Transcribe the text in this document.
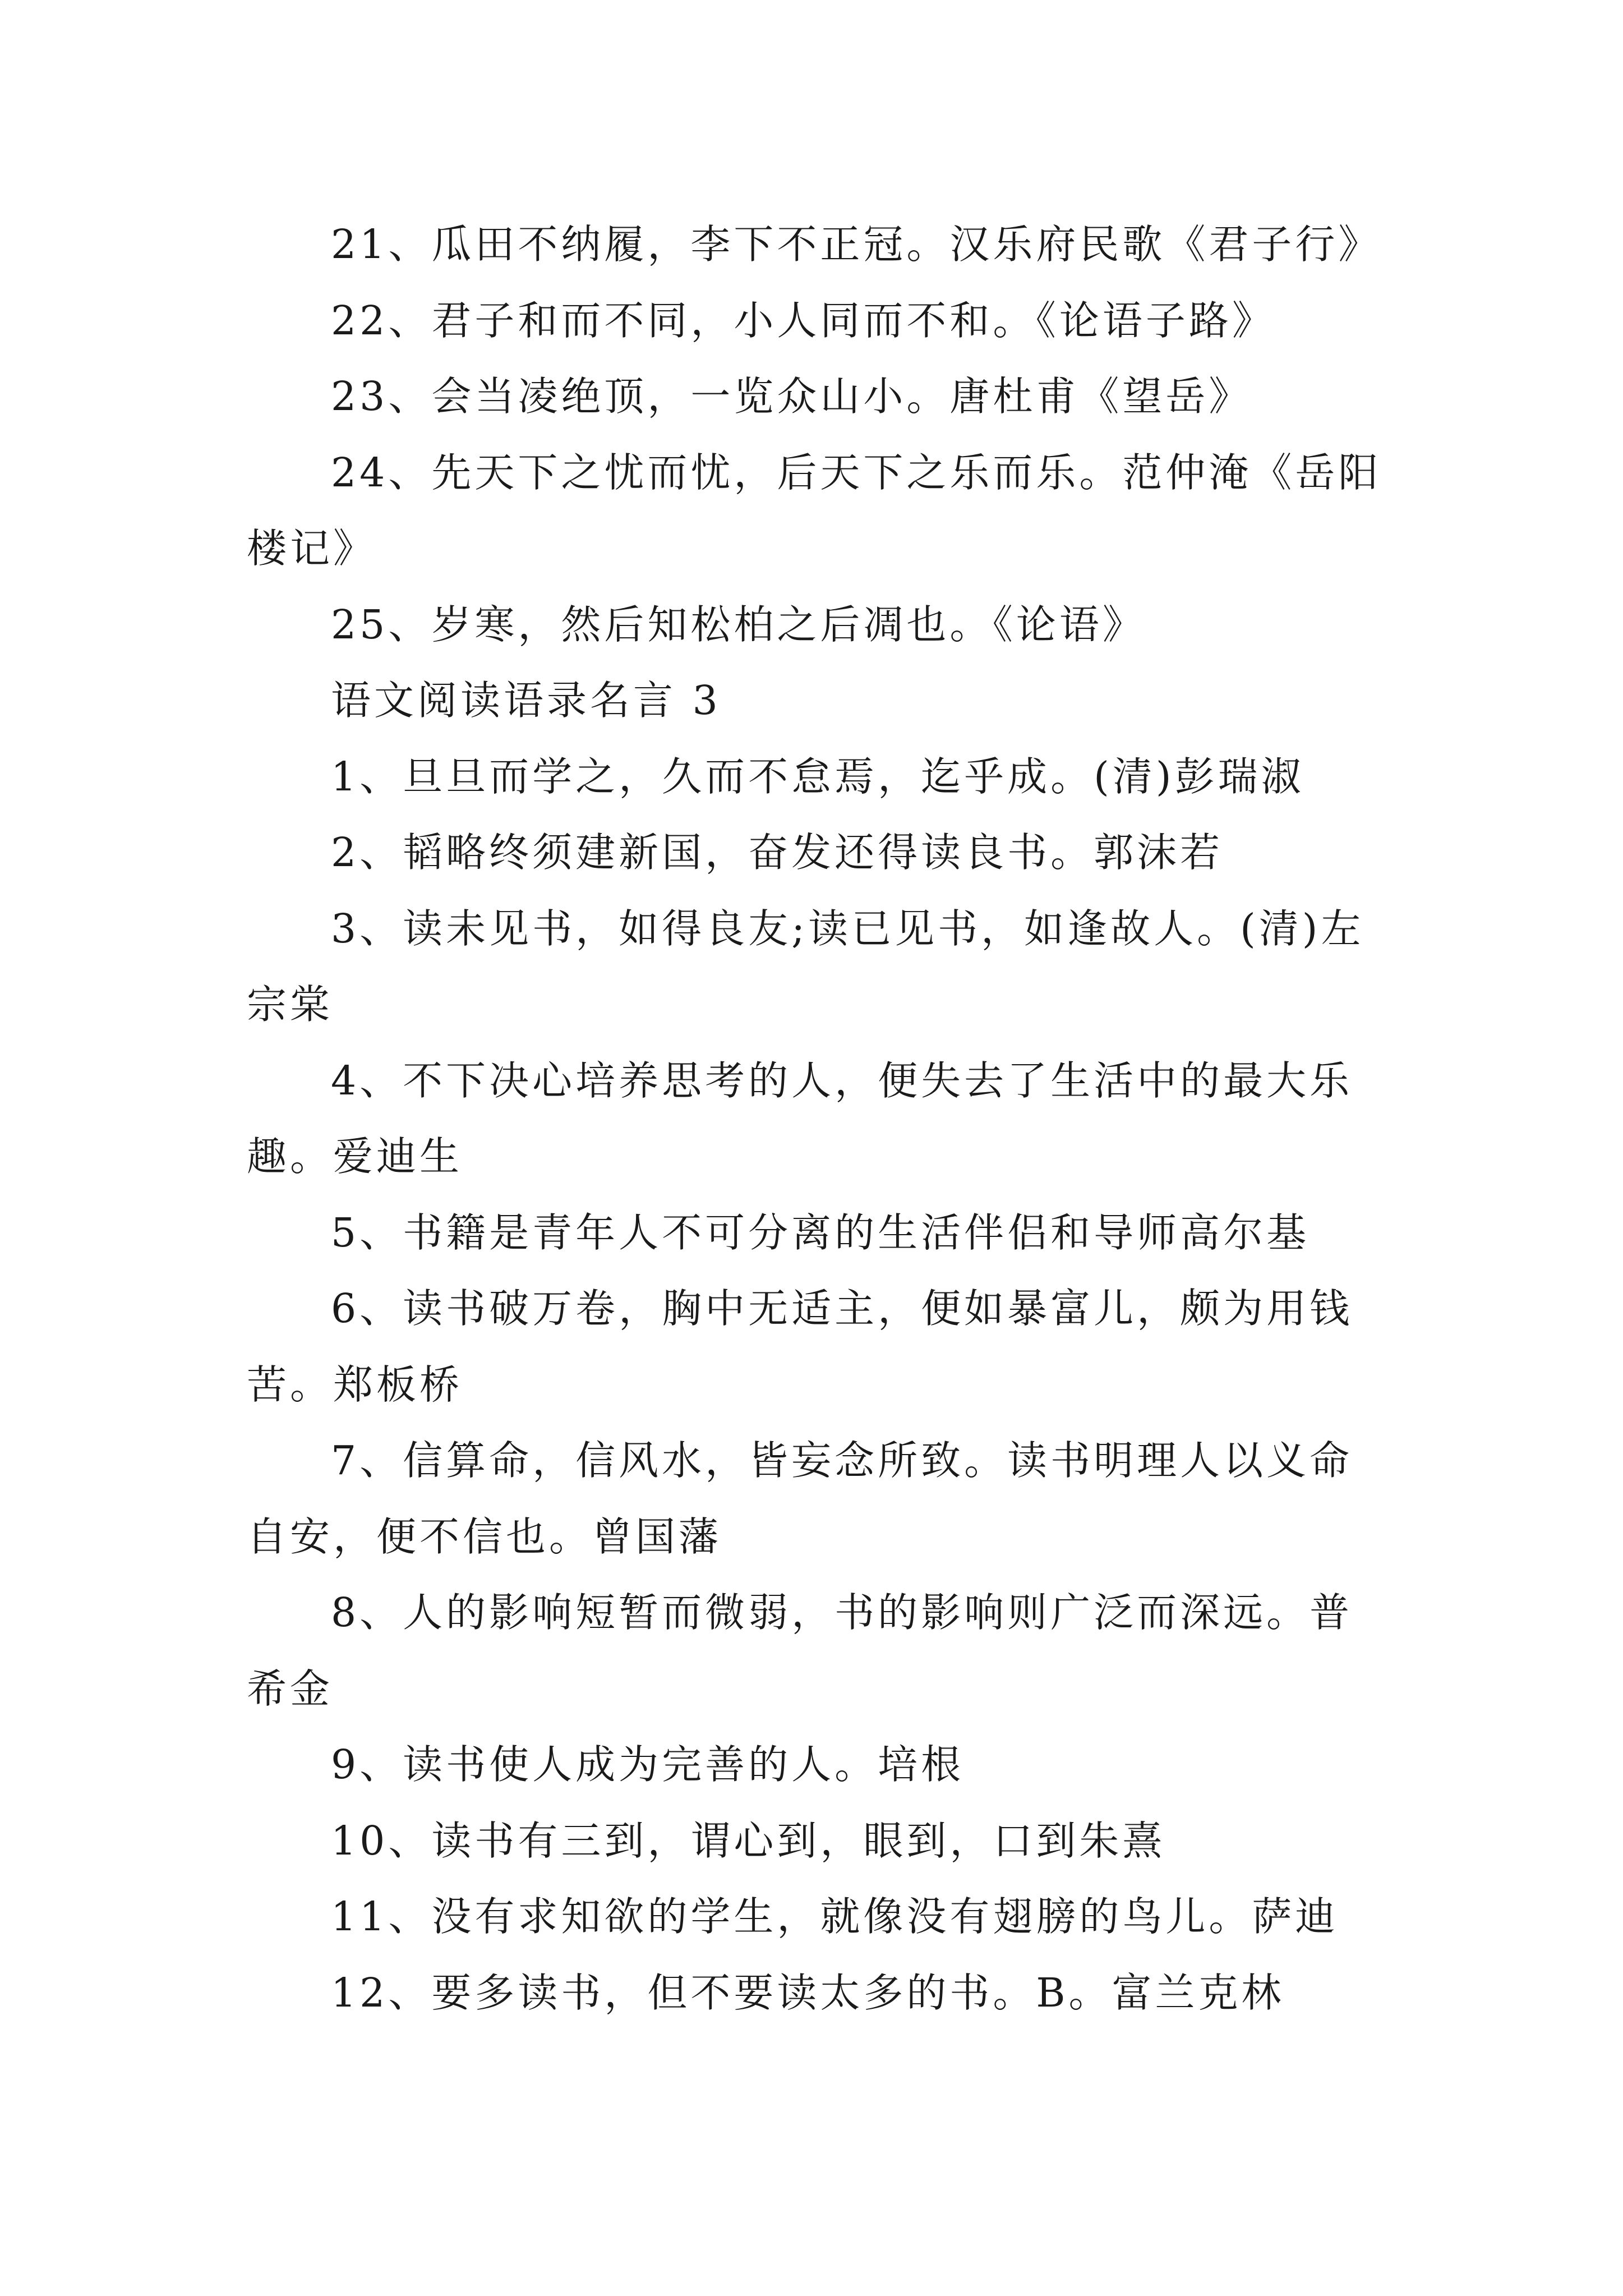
21、瓜田不纳履，李下不正冠。汉乐府民歌《君子行》

22、君子和而不同，小人同而不和。《论语子路》

23、会当凌绝顶，一览众山小。唐杜甫《望岳》

24、先天下之忧而忧，后天下之乐而乐。范仲淹《岳阳楼记》

25、岁寒，然后知松柏之后凋也。《论语》

语文阅读语录名言 3

1、旦旦而学之，久而不怠焉，迄乎成。(清)彭瑞淑

2、韬略终须建新国，奋发还得读良书。郭沫若

3、读未见书，如得良友;读已见书，如逢故人。(清)左宗棠

4、不下决心培养思考的人，便失去了生活中的最大乐趣。爱迪生

5、书籍是青年人不可分离的生活伴侣和导师高尔基

6、读书破万卷，胸中无适主，便如暴富儿，颇为用钱苦。郑板桥

7、信算命，信风水，皆妄念所致。读书明理人以义命自安，便不信也。曾国藩

8、人的影响短暂而微弱，书的影响则广泛而深远。普希金

9、读书使人成为完善的人。培根

10、读书有三到，谓心到，眼到，口到朱熹

11、没有求知欲的学生，就像没有翅膀的鸟儿。萨迪

12、要多读书，但不要读太多的书。B。富兰克林
